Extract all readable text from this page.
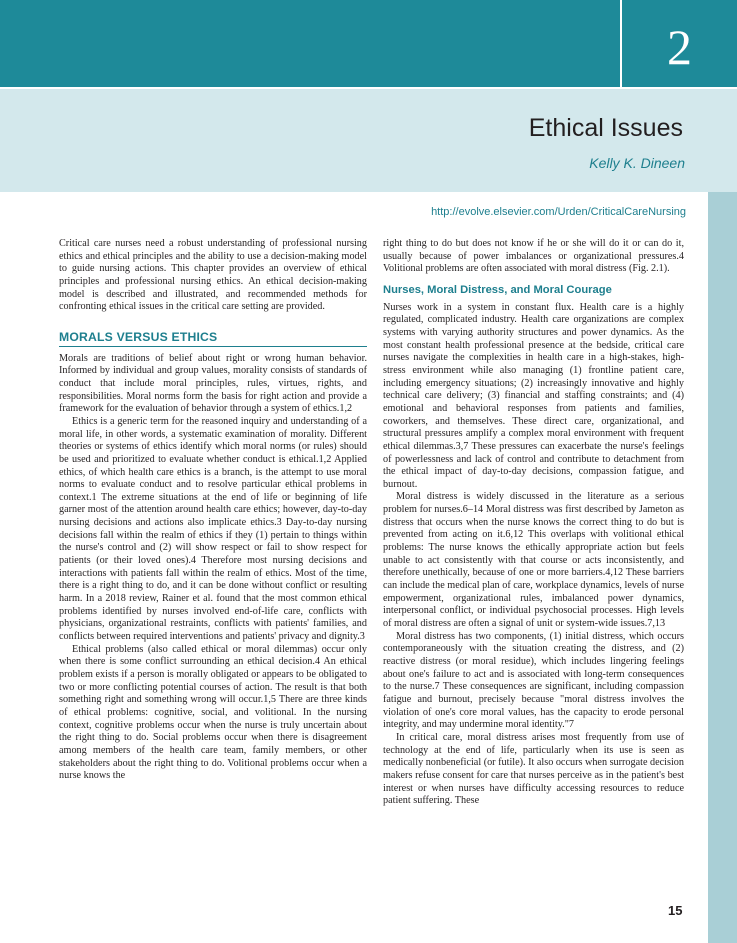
2
Ethical Issues
Kelly K. Dineen
http://evolve.elsevier.com/Urden/CriticalCareNursing

Critical care nurses need a robust understanding of professional nursing ethics and ethical principles and the ability to use a decision-making model to guide nursing actions. This chapter provides an overview of ethical principles and professional nursing ethics. An ethical decision-making model is described and illustrated, and recommended methods for confronting ethical issues in the critical care setting are provided.

MORALS VERSUS ETHICS

Morals are traditions of belief about right or wrong human behavior. Informed by individual and group values, morality consists of standards of conduct that include moral principles, rules, virtues, rights, and responsibilities. Moral norms form the basis for right action and provide a framework for the evaluation of behavior through a system of ethics.1,2

Ethics is a generic term for the reasoned inquiry and understanding of a moral life, in other words, a systematic examination of morality. Different theories or systems of ethics identify which moral norms (or rules) should be used and prioritized to evaluate whether conduct is ethical.1,2 Applied ethics, of which health care ethics is a branch, is the attempt to use moral norms to evaluate conduct and to resolve particular ethical problems in context.1 The extreme situations at the end of life or beginning of life garner most of the attention around health care ethics; however, day-to-day nursing decisions and actions also implicate ethics.3 Day-to-day nursing decisions fall within the realm of ethics if they (1) pertain to things within the nurse's control and (2) will show respect or fail to show respect for patients (or their loved ones).4 Therefore most nursing decisions and interactions with patients fall within the realm of ethics. Most of the time, there is a right thing to do, and it can be done without conflict or resulting harm. In a 2018 review, Rainer et al. found that the most common ethical problems identified by nurses involved end-of-life care, conflicts with physicians, organizational restraints, conflicts with patients' families, and conflicts between required interventions and patients' privacy and dignity.3

Ethical problems (also called ethical or moral dilemmas) occur only when there is some conflict surrounding an ethical decision.4 An ethical problem exists if a person is morally obligated or appears to be obligated to two or more conflicting potential courses of action. The result is that both something right and something wrong will occur.1,5 There are three kinds of ethical problems: cognitive, social, and volitional. In the nursing context, cognitive problems occur when the nurse is truly uncertain about the right thing to do. Social problems occur when there is disagreement among members of the health care team, family members, or other stakeholders about the right thing to do. Volitional problems occur when a nurse knows the

right thing to do but does not know if he or she will do it or can do it, usually because of power imbalances or organizational pressures.4 Volitional problems are often associated with moral distress (Fig. 2.1).

Nurses, Moral Distress, and Moral Courage

Nurses work in a system in constant flux. Health care is a highly regulated, complicated industry. Health care organizations are complex systems with varying authority structures and power dynamics. As the most constant health professional presence at the bedside, critical care nurses navigate the complexities in health care in a high-stakes, high-stress environment while also managing (1) frontline patient care, including emergency situations; (2) increasingly innovative and highly technical care delivery; (3) financial and staffing constraints; and (4) emotional and behavioral responses from patients and families, coworkers, and themselves. These direct care, organizational, and structural pressures amplify a complex moral environment with frequent ethical dilemmas.3,7 These pressures can exacerbate the nurse's feelings of powerlessness and lack of control and contribute to detachment from the ethical impact of day-to-day decisions, compassion fatigue, and burnout.

Moral distress is widely discussed in the literature as a serious problem for nurses.6–14 Moral distress was first described by Jameton as distress that occurs when the nurse knows the correct thing to do but is prevented from acting on it.6,12 This overlaps with volitional ethical problems: The nurse knows the ethically appropriate action but feels unable to act consistently with that course or acts inconsistently, and therefore unethically, because of one or more barriers.4,12 These barriers can include the medical plan of care, workplace dynamics, levels of nurse empowerment, organizational rules, imbalanced power dynamics, interpersonal conflict, or individual psychosocial processes. High levels of moral distress are often a signal of unit or system-wide issues.7,13

Moral distress has two components, (1) initial distress, which occurs contemporaneously with the situation creating the distress, and (2) reactive distress (or moral residue), which includes lingering feelings about one's failure to act and is associated with long-term consequences to the nurse.7 These consequences are significant, including compassion fatigue and burnout, precisely because "moral distress involves the violation of one's core moral values, has the capacity to erode personal integrity, and may undermine moral identity."7

In critical care, moral distress arises most frequently from use of technology at the end of life, particularly when its use is seen as medically nonbeneficial (or futile). It also occurs when surrogate decision makers refuse consent for care that nurses perceive as in the patient's best interest or when nurses have difficulty accessing resources to reduce patient suffering. These

15
